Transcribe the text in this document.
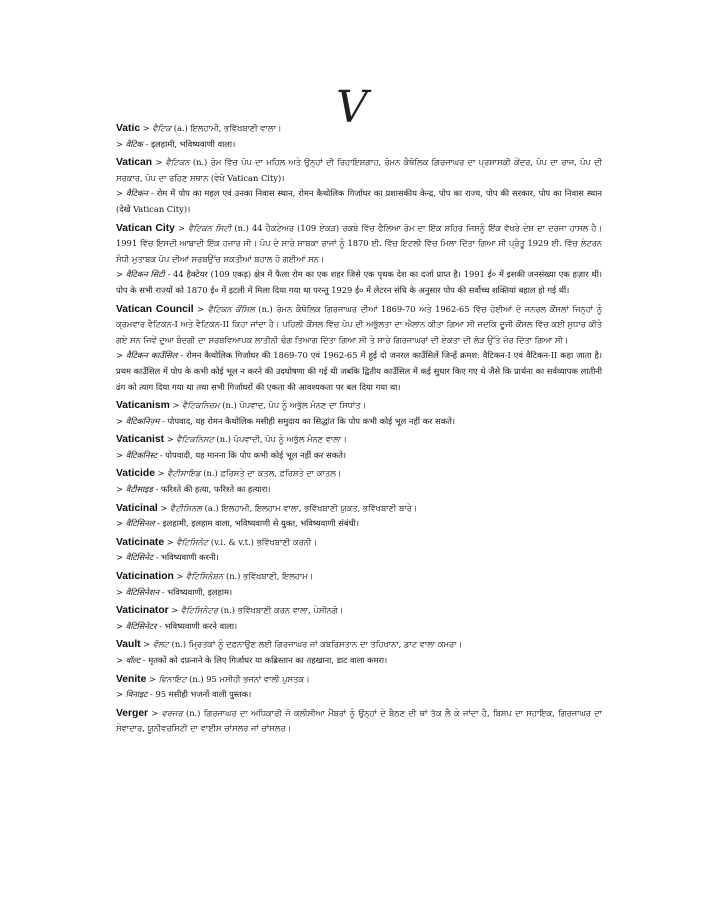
V
Vatic > ਵੈਟਿਕ (a.) ਇਲਹਾਮੀ, ਭਵਿੱਖਬਾਣੀ ਵਾਲਾ।
> वैटिक - इलहामी, भविष्यवाणी वाला।
Vatican > ਵੈਟਿਕਨ (n.) ਰੋਮ ਵਿੱਚ ਪੋਪ ਦਾ ਮਹਿਲ ਅਤੇ ਉਨ੍ਹਾਂ ਦੀ ਰਿਹਾਇਸ਼ਗਾਹ, ਰੋਮਨ ਕੈਥੋਲਿਕ ਗਿਰਜਾਘਰ ਦਾ ਪ੍ਰਸ਼ਾਸਕੀ ਕੇਂਦਰ, ਪੋਪ ਦਾ ਰਾਜ, ਪੋਪ ਦੀ ਸਰਕਾਰ, ਪੋਪ ਦਾ ਰਹਿਣ ਸਥਾਨ (ਵੇਖੋ Vatican City)।
> वैटिकन - रोम में पोप का महल एवं उनका निवास स्थान, रोमन कैथोलिक गिर्जाघर का प्रशासकीय केन्द्र, पोप का राज्य, पोप की सरकार, पोप का निवास स्थान (देखें Vatican City)।
Vatican City > ਵੈਟਿਕਨ ਸਿਟੀ (n.) 44 ਹੈਕਟੇਅਰ (109 ਏਕੜ) ਰਕਬੇ ਵਿੱਚ ਫੈਲਿਆ ਰੋਮ ਦਾ ਇੱਕ ਸ਼ਹਿਰ ਜਿਸਨੂੰ ਇੱਕ ਵੱਖਰੇ ਦੇਸ਼ ਦਾ ਦਰਜਾ ਹਾਸਲ ਹੈ। 1991 ਵਿੱਚ ਇਸਦੀ ਆਬਾਦੀ ਇੱਕ ਹਜ਼ਾਰ ਸੀ। ਪੋਪ ਦੇ ਸਾਰੇ ਸਾਬਕਾ ਰਾਜਾਂ ਨੂੰ 1870 ਈ. ਵਿੱਚ ਇਟਲੀ ਵਿੱਚ ਮਿਲਾ ਦਿੱਤਾ ਗਿਆ ਸੀ ਪ੍ਰੰਤੂ 1929 ਈ. ਵਿੱਚ ਲੇਟਰਨ ਸੰਧੀ ਮੁਤਾਬਕ ਪੋਪ ਦੀਆਂ ਸਰਬਉੱਚ ਸ਼ਕਤੀਆਂ ਬਹਾਲ ਹੋ ਗਈਆਂ ਸਨ।
> वैटिकन सिटी - 44 हैक्टेयर (109 एकड़) क्षेत्र में फैला रोम का एक शहर जिसे एक पृथक देश का दर्जा प्राप्त है। 1991 ई० में इसकी जनसंख्या एक हज़ार थी। पोप के सभी राज्यों को 1870 ई० में इटली में मिला दिया गया था परन्तु 1929 ई० में लेटरन संधि के अनुसार पोप की सर्वोच्च शक्तियां बहाल हो गई थीं।
Vatican Council > ਵੈਟਿਕਨ ਕੌਂਸਿਲ (n.) ਰੋਮਨ ਕੈਥੋਲਿਕ ਗਿਰਜਾਘਰ ਦੀਆਂ 1869-70 ਅਤੇ 1962-65 ਵਿੱਚ ਹੋਈਆਂ ਦੋ ਜਨਰਲ ਕੌਂਸਲਾਂ ਜਿਨ੍ਹਾਂ ਨੂੰ ਕ੍ਰਮਵਾਰ ਵੈਟਿਕਨ-I ਅਤੇ ਵੈਟਿਕਨ-II ਕਿਹਾ ਜਾਂਦਾ ਹੈ। ਪਹਿਲੀ ਕੌਂਸਲ ਵਿੱਚ ਪੋਪ ਦੀ ਅਭੁੱਲਤਾ ਦਾ ਐਲਾਨ ਕੀਤਾ ਗਿਆ ਸੀ ਜਦਕਿ ਦੂਜੀ ਕੌਂਸਲ ਵਿੱਚ ਕਈ ਸੁਧਾਰ ਕੀਤੇ ਗਏ ਸਨ ਜਿਵੇਂ ਦੁਆ ਬੰਦਗੀ ਦਾ ਸਰਬਵਿਆਪਕ ਲਾਤੀਨੀ ਢੰਗ ਤਿਆਗ ਦਿੱਤਾ ਗਿਆ ਸੀ ਤੇ ਸਾਰੇ ਗਿਰਜਾਘਰਾਂ ਦੀ ਏਕਤਾ ਦੀ ਲੋੜ ਉੱਤੇ ਜ਼ੋਰ ਦਿੱਤਾ ਗਿਆ ਸੀ।
> वैटिकन काउँसिल - रोमन कैथोलिक गिर्जाघर की 1869-70 एवं 1962-65 में हुई दो जनरल काउँसिलें जिन्हें क्रमश: वैटिकन-I एवं वैटिकन-II कहा जाता है। प्रथम काउँसिल में पोप के कभी कोई भूल न करने की उदघोषणा की गई थी जबकि द्वितीय काउँसिल में कई सुधार किए गए थे जैसे कि प्रार्थना का सर्वव्यापक लातीनी ढंग को त्याग दिया गया था तथा सभी गिर्जाघरों की एकता की आवश्यकता पर बल दिया गया था।
Vaticanism > ਵੈਟਿਕਨਿਜ਼ਮ (n.) ਪੋਪਵਾਦ, ਪੋਪ ਨੂੰ ਅਭੁੱਲ ਮੰਨਣ ਦਾ ਸਿਧਾਂਤ।
> वैटिकनिज़्म - पोपवाद, यह रोमन कैथोलिक मसीही समुदाय का सिद्धांत कि पोप कभी कोई भूल नहीं कर सकते।
Vaticanist > ਵੈਟਿਕਨਿਸਟ (n.) ਪੋਪਵਾਦੀ, ਪੋਪ ਨੂੰ ਅਭੁੱਲ ਮੰਨਣ ਵਾਲਾ।
> वैटिकनिस्ट - पोपवादी, यह मानना कि पोप कभी कोई भूल नहीं कर सकते।
Vaticide > ਵੈਟੀਸਾਇਡ (n.) ਫ਼ਰਿਸ਼ਤੇ ਦਾ ਕਤਲ, ਫ਼ਰਿਸ਼ਤੇ ਦਾ ਕਾਤਲ।
> वैटीसाइड - फरिश्ते की हत्या, फरिश्ते का हत्यारा।
Vaticinal > ਵੈਟੀਸਿਨਲ (a.) ਇਲਹਾਮੀ, ਇਲਹਾਮ ਵਾਲਾ, ਭਵਿੱਖਬਾਣੀ ਯੁਕਤ, ਭਵਿੱਖਬਾਣੀ ਬਾਰੇ।
> वैटिसिनल - इलहामी, इलहाम वाला, भविष्यवाणी से युक्त, भविष्यवाणी संबंधी।
Vaticinate > ਵੈਟਿਸਿਨੇਟ (v.i. & v.t.) ਭਵਿੱਖਬਾਣੀ ਕਰਨੀ।
> वैटिसिनेट - भविष्यवाणी करनी।
Vaticination > ਵੈਟਿਸਿਨੇਸ਼ਨ (n.) ਭਵਿੱਖਬਾਣੀ, ਇਲਹਾਮ।
> वैटिसिनेशन - भविष्यवाणी, इलहाम।
Vaticinator > ਵੈਟਿਸਿਨੇਟਰ (n.) ਭਵਿੱਖਬਾਣੀ ਕਰਨ ਵਾਲਾ, ਪੇਸ਼ੀਨਗੋ।
> वैटिसिनेटर - भविष्यवाणी करने वाला।
Vault > ਵੌਲਟ (n.) ਮ੍ਰਿਤਕਾਂ ਨੂੰ ਦਫ਼ਨਾਉਣ ਲਈ ਗਿਰਜਾਘਰ ਜਾਂ ਕਬਰਿਸਤਾਨ ਦਾ ਤਹਿਖਾਨਾ, ਡਾਟ ਵਾਲਾ ਕਮਰਾ।
> वॉल्ट - मृतकों को दफ़नाने के लिए गिर्जाघर या कब्रिस्तान का तहखाना, डाट वाला कमरा।
Venite > ਵਿਨਾਇਟ (n.) 95 ਮਸੀਹੀ ਭਜਨਾਂ ਵਾਲੀ ਪੁਸਤਕ।
> विनाइट - 95 मसीही भजनों वाली पुस्तक।
Verger > ਵਰਜਰ (n.) ਗਿਰਜਾਘਰ ਦਾ ਅਧਿਕਾਰੀ ਜੋ ਕਲੀਸੀਆ ਮੈਂਬਰਾਂ ਨੂੰ ਉਨ੍ਹਾਂ ਦੇ ਬੈਠਣ ਦੀ ਥਾਂ ਤੱਕ ਲੈ ਕੇ ਜਾਂਦਾ ਹੈ, ਬਿਸ਼ਪ ਦਾ ਸਹਾਇਕ, ਗਿਰਜਾਘਰ ਦਾ ਸੇਵਾਦਾਰ, ਯੂਨੀਵਰਸਿਟੀ ਦਾ ਵਾਈਸ ਚਾਂਸਲਰ ਜਾਂ ਚਾਂਸਲਰ।
